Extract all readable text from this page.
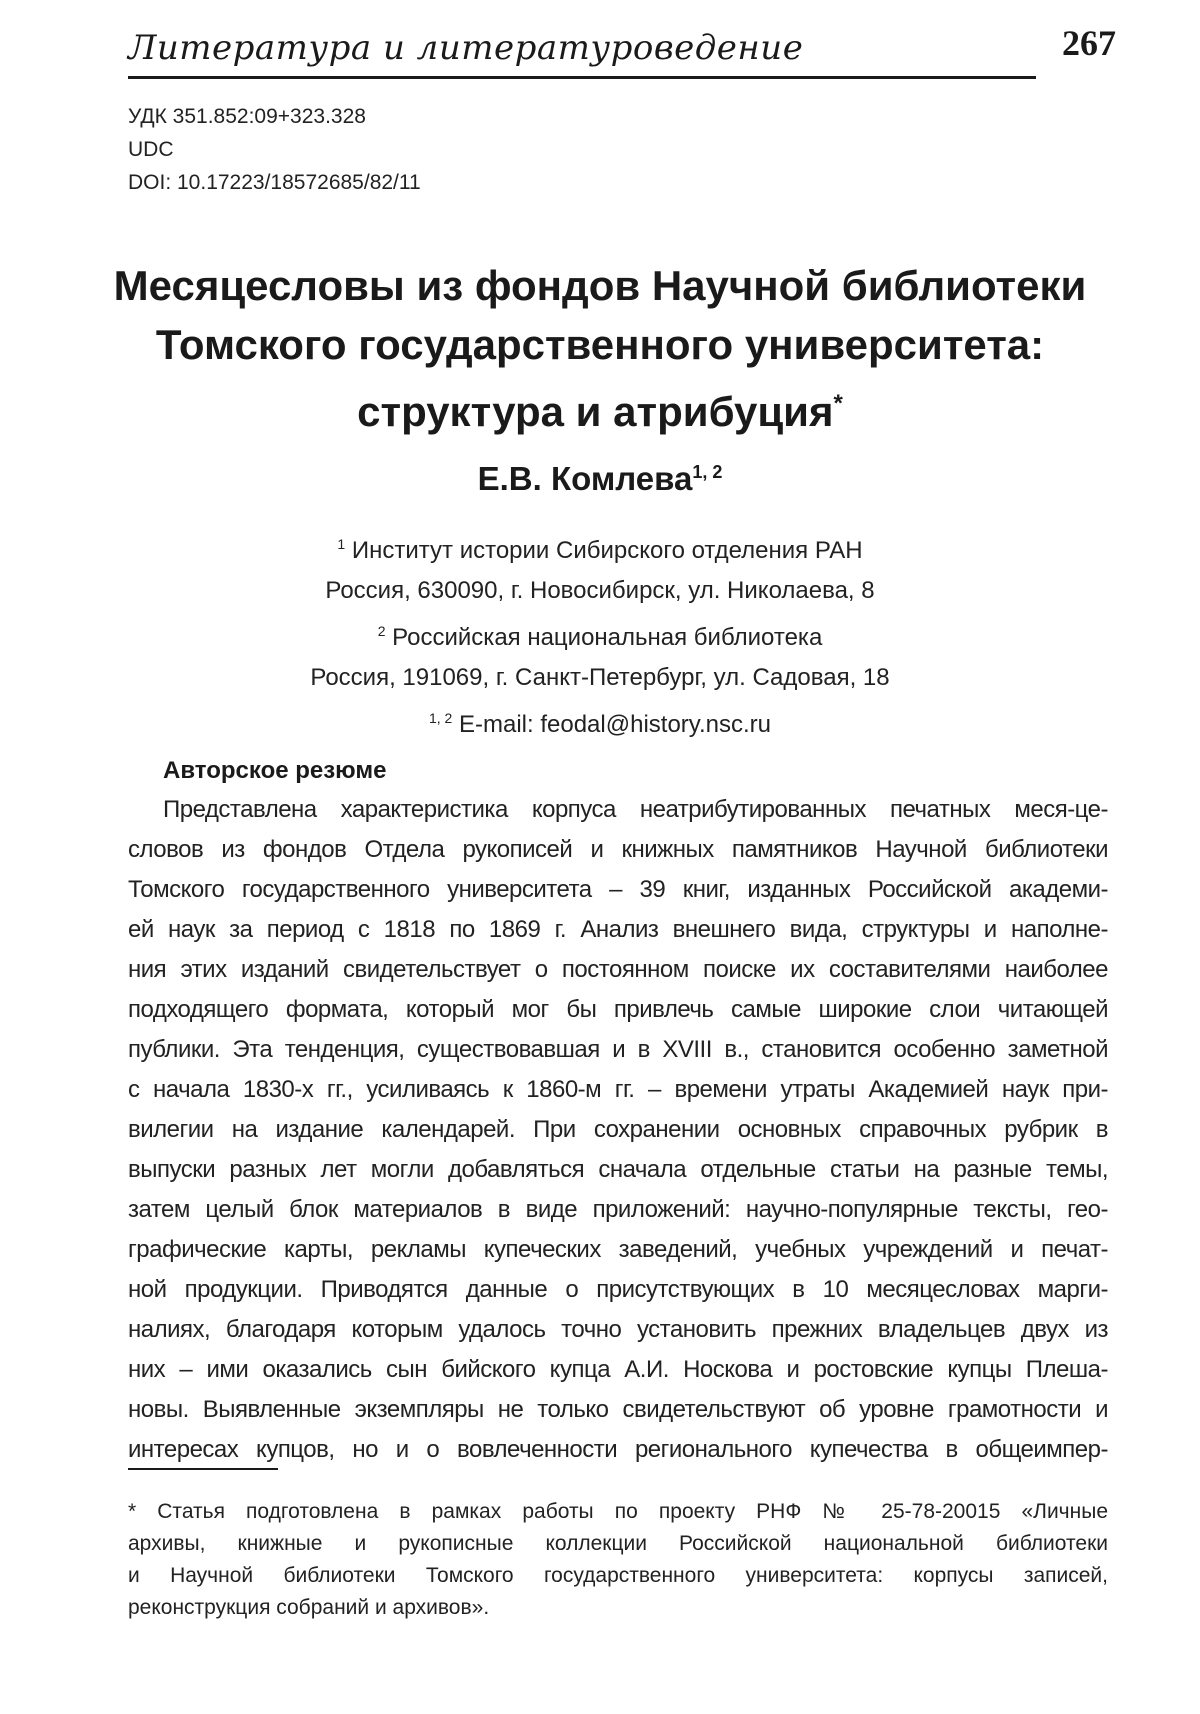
Литература и литературоведение	267
УДК 351.852:09+323.328
UDC
DOI: 10.17223/18572685/82/11
Месяцесловы из фондов Научной библиотеки
Томского государственного университета:
структура и атрибуция*
Е.В. Комлева$^{1, 2}$
$^1$ Институт истории Сибирского отделения РАН
Россия, 630090, г. Новосибирск, ул. Николаева, 8
$^2$ Российская национальная библиотека
Россия, 191069, г. Санкт-Петербург, ул. Садовая, 18
$^{1, 2}$ E-mail: feodal@history.nsc.ru
Авторское резюме
Представлена характеристика корпуса неатрибутированных печатных меся-це-
словов из фондов Отдела рукописей и книжных памятников Научной библиотеки
Томского государственного университета – 39 книг, изданных Российской академи-
ей наук за период с 1818 по 1869 г. Анализ внешнего вида, структуры и наполне-
ния этих изданий свидетельствует о постоянном поиске их составителями наиболее
подходящего формата, который мог бы привлечь самые широкие слои читающей
публики. Эта тенденция, существовавшая и в XVIII в., становится особенно заметной
с начала 1830-х гг., усиливаясь к 1860-м гг. – времени утраты Академией наук при-
вилегии на издание календарей. При сохранении основных справочных рубрик в
выпуски разных лет могли добавляться сначала отдельные статьи на разные темы,
затем целый блок материалов в виде приложений: научно-популярные тексты, гео-
графические карты, рекламы купеческих заведений, учебных учреждений и печат-
ной продукции. Приводятся данные о присутствующих в 10 месяцесловах марги-
налиях, благодаря которым удалось точно установить прежних владельцев двух из
них – ими оказались сын бийского купца А.И. Носкова и ростовские купцы Плеша-
новы. Выявленные экземпляры не только свидетельствуют об уровне грамотности и
интересах купцов, но и о вовлеченности регионального купечества в общеимпер-
* Статья подготовлена в рамках работы по проекту РНФ № 25-78-20015 «Личные
архивы, книжные и рукописные коллекции Российской национальной библиотеки
и Научной библиотеки Томского государственного университета: корпусы записей,
реконструкция собраний и архивов».
